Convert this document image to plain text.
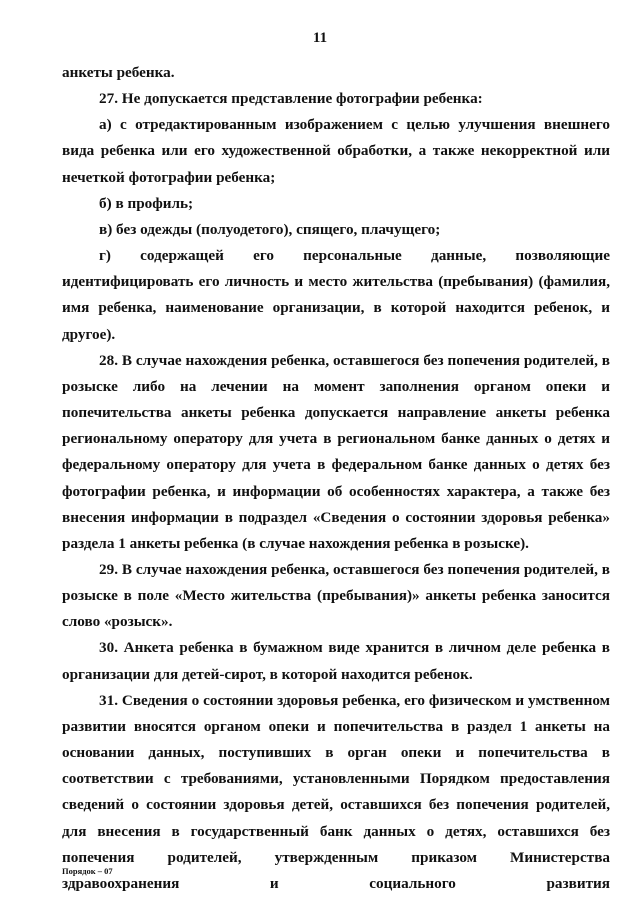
11

анкеты ребенка.

27. Не допускается представление фотографии ребенка:

а) с отредактированным изображением с целью улучшения внешнего вида ребенка или его художественной обработки, а также некорректной или нечеткой фотографии ребенка;

б) в профиль;

в) без одежды (полуодетого), спящего, плачущего;

г) содержащей его персональные данные, позволяющие идентифицировать его личность и место жительства (пребывания) (фамилия, имя ребенка, наименование организации, в которой находится ребенок, и другое).

28. В случае нахождения ребенка, оставшегося без попечения родителей, в розыске либо на лечении на момент заполнения органом опеки и попечительства анкеты ребенка допускается направление анкеты ребенка региональному оператору для учета в региональном банке данных о детях и федеральному оператору для учета в федеральном банке данных о детях без фотографии ребенка, и информации об особенностях характера, а также без внесения информации в подраздел «Сведения о состоянии здоровья ребенка» раздела 1 анкеты ребенка (в случае нахождения ребенка в розыске).

29. В случае нахождения ребенка, оставшегося без попечения родителей, в розыске в поле «Место жительства (пребывания)» анкеты ребенка заносится слово «розыск».

30. Анкета ребенка в бумажном виде хранится в личном деле ребенка в организации для детей-сирот, в которой находится ребенок.

31. Сведения о состоянии здоровья ребенка, его физическом и умственном развитии вносятся органом опеки и попечительства в раздел 1 анкеты на основании данных, поступивших в орган опеки и попечительства в соответствии с требованиями, установленными Порядком предоставления сведений о состоянии здоровья детей, оставшихся без попечения родителей, для внесения в государственный банк данных о детях, оставшихся без попечения родителей, утвержденным приказом Министерства здравоохранения и социального развития

Порядок – 07
